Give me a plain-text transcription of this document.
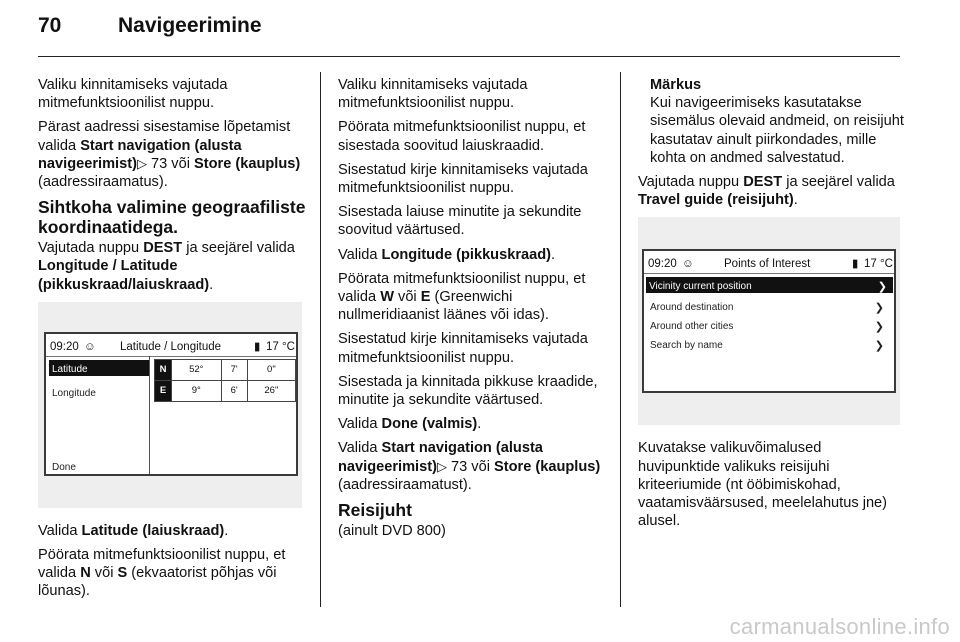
70	Navigeerimine

Valiku kinnitamiseks vajutada mitmefunktsioonilist nuppu.

Pärast aadressi sisestamise lõpetamist valida Start navigation (alusta navigeerimist)▷ 73 või Store (kauplus) (aadressiraamatus).

Sihtkoha valimine geograafiliste koordinaatidega.

Vajutada nuppu DEST ja seejärel valida Longitude / Latitude (pikkuskraad/laiuskraad).

09:20 ☺ Latitude / Longitude	▮ 17 °C
Latitude
Longitude
Done
N	52°	7'	0"
E	9°	6'	26"

Valida Latitude (laiuskraad).

Pöörata mitmefunktsioonilist nuppu, et valida N või S (ekvaatorist põhjas või lõunas).

Valiku kinnitamiseks vajutada mitmefunktsioonilist nuppu.

Pöörata mitmefunktsioonilist nuppu, et sisestada soovitud laiuskraadid.

Sisestatud kirje kinnitamiseks vajutada mitmefunktsioonilist nuppu.

Sisestada laiuse minutite ja sekundite soovitud väärtused.

Valida Longitude (pikkuskraad).

Pöörata mitmefunktsioonilist nuppu, et valida W või E (Greenwichi nullmeridiaanist läänes või idas).

Sisestatud kirje kinnitamiseks vajutada mitmefunktsioonilist nuppu.

Sisestada ja kinnitada pikkuse kraadide, minutite ja sekundite väärtused.

Valida Done (valmis).

Valida Start navigation (alusta navigeerimist)▷ 73 või Store (kauplus) (aadressiraamatust).

Reisijuht

(ainult DVD 800)

Märkus
Kui navigeerimiseks kasutatakse sisemälus olevaid andmeid, on reisijuht kasutatav ainult piirkondades, mille kohta on andmed salvestatud.

Vajutada nuppu DEST ja seejärel valida Travel guide (reisijuht).

09:20 ☺	Points of Interest	▮ 17 °C
Vicinity current position	❯
Around destination	❯
Around other cities	❯
Search by name	❯

Kuvatakse valikuvõimalused huvipunktide valikuks reisijuhi kriteeriumide (nt ööbimiskohad, vaatamisväärsused, meelelahutus jne) alusel.

carmanualsonline.info
